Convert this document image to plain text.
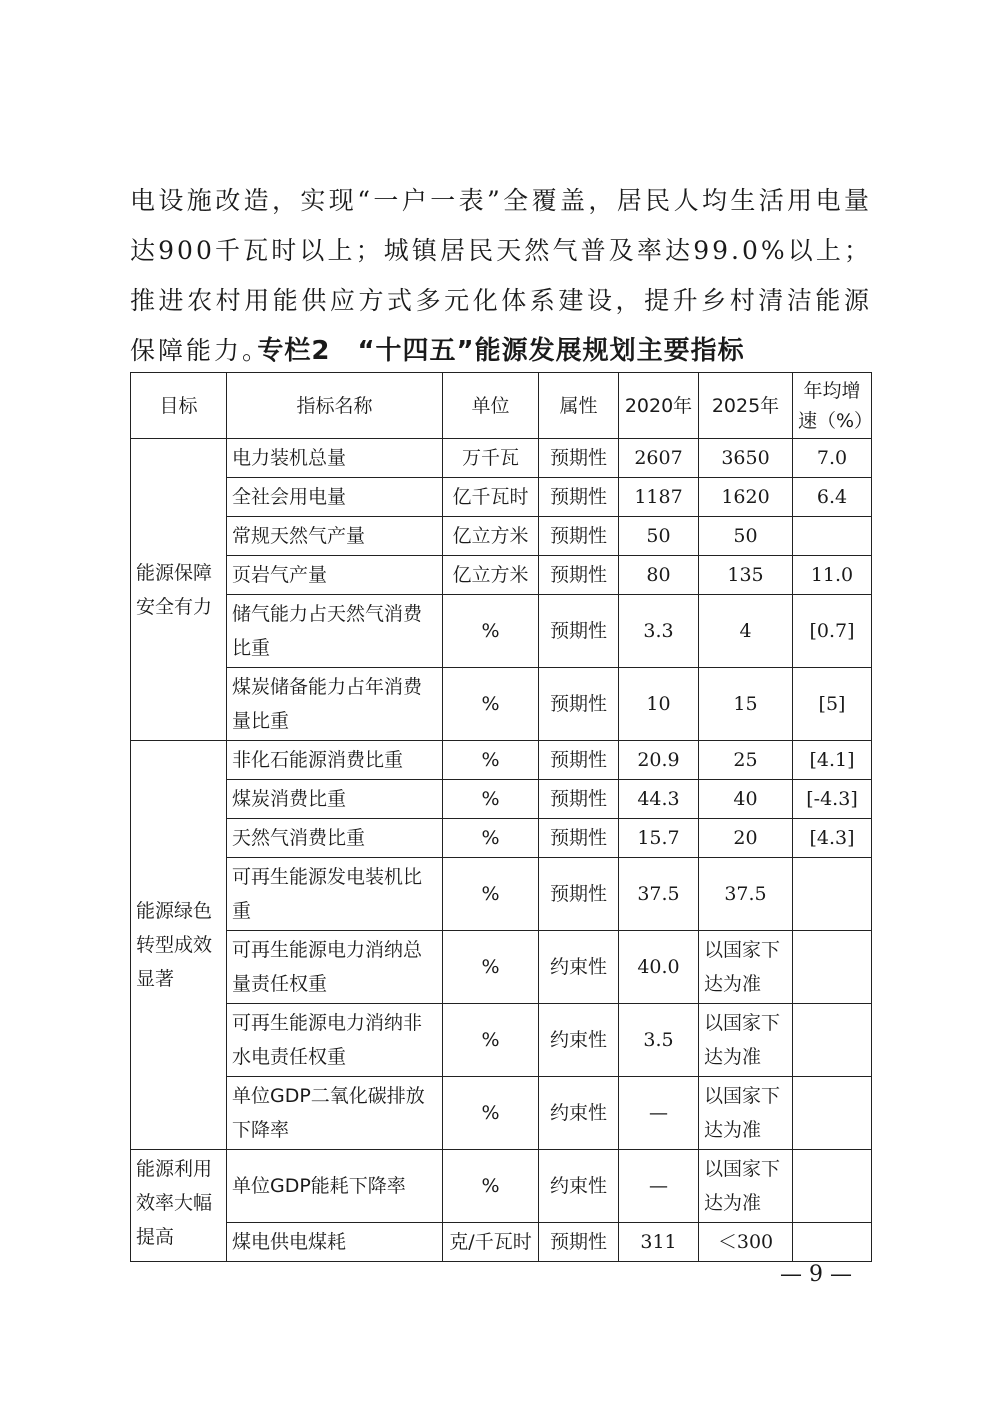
电设施改造，实现“一户一表”全覆盖，居民人均生活用电量达900千瓦时以上；城镇居民天然气普及率达99.0%以上；推进农村用能供应方式多元化体系建设，提升乡村清洁能源保障能力。

专栏2　“十四五”能源发展规划主要指标
目标	指标名称	单位	属性	2020年	2025年	年均增速（%）
能源保障安全有力	电力装机总量	万千瓦	预期性	2607	3650	7.0
	全社会用电量	亿千瓦时	预期性	1187	1620	6.4
	常规天然气产量	亿立方米	预期性	50	50	
	页岩气产量	亿立方米	预期性	80	135	11.0
	储气能力占天然气消费比重	%	预期性	3.3	4	[0.7]
	煤炭储备能力占年消费量比重	%	预期性	10	15	[5]
能源绿色转型成效显著	非化石能源消费比重	%	预期性	20.9	25	[4.1]
	煤炭消费比重	%	预期性	44.3	40	[-4.3]
	天然气消费比重	%	预期性	15.7	20	[4.3]
	可再生能源发电装机比重	%	预期性	37.5	37.5	
	可再生能源电力消纳总量责任权重	%	约束性	40.0	以国家下达为准	
	可再生能源电力消纳非水电责任权重	%	约束性	3.5	以国家下达为准	
	单位GDP二氧化碳排放下降率	%	约束性	—	以国家下达为准	
能源利用效率大幅提高	单位GDP能耗下降率	%	约束性	—	以国家下达为准	
	煤电供电煤耗	克/千瓦时	预期性	311	＜300	
— 9 —
